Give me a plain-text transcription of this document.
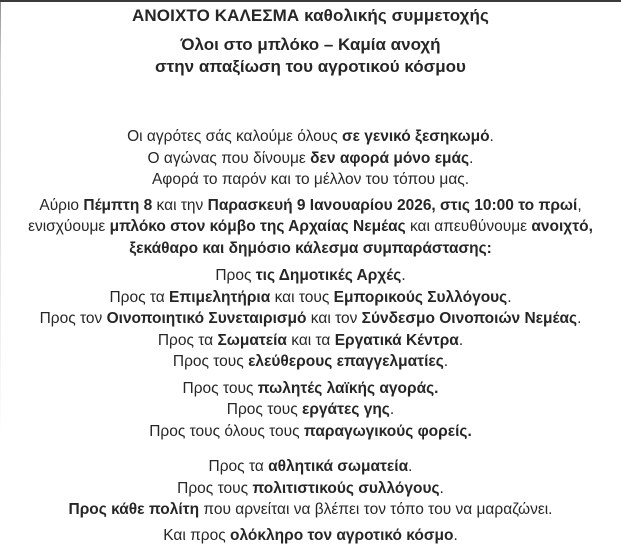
ΑΝΟΙΧΤΟ ΚΑΛΕΣΜΑ καθολικής συμμετοχής
Όλοι στο μπλόκο – Καμία ανοχή
στην απαξίωση του αγροτικού κόσμου
Οι αγρότες σάς καλούμε όλους σε γενικό ξεσηκωμό.
Ο αγώνας που δίνουμε δεν αφορά μόνο εμάς.
Αφορά το παρόν και το μέλλον του τόπου μας.
Αύριο Πέμπτη 8 και την Παρασκευή 9 Ιανουαρίου 2026, στις 10:00 το πρωί,
ενισχύουμε μπλόκο στον κόμβο της Αρχαίας Νεμέας και απευθύνουμε ανοιχτό,
ξεκάθαρο και δημόσιο κάλεσμα συμπαράστασης:
Προς τις Δημοτικές Αρχές.
Προς τα Επιμελητήρια και τους Εμπορικούς Συλλόγους.
Προς τον Οινοποιητικό Συνεταιρισμό και τον Σύνδεσμο Οινοποιών Νεμέας.
Προς τα Σωματεία και τα Εργατικά Κέντρα.
Προς τους ελεύθερους επαγγελματίες.
Προς τους πωλητές λαϊκής αγοράς.
Προς τους εργάτες γης.
Προς τους όλους τους παραγωγικούς φορείς.
Προς τα αθλητικά σωματεία.
Προς τους πολιτιστικούς συλλόγους.
Προς κάθε πολίτη που αρνείται να βλέπει τον τόπο του να μαραζώνει.
Και προς ολόκληρο τον αγροτικό κόσμο.
